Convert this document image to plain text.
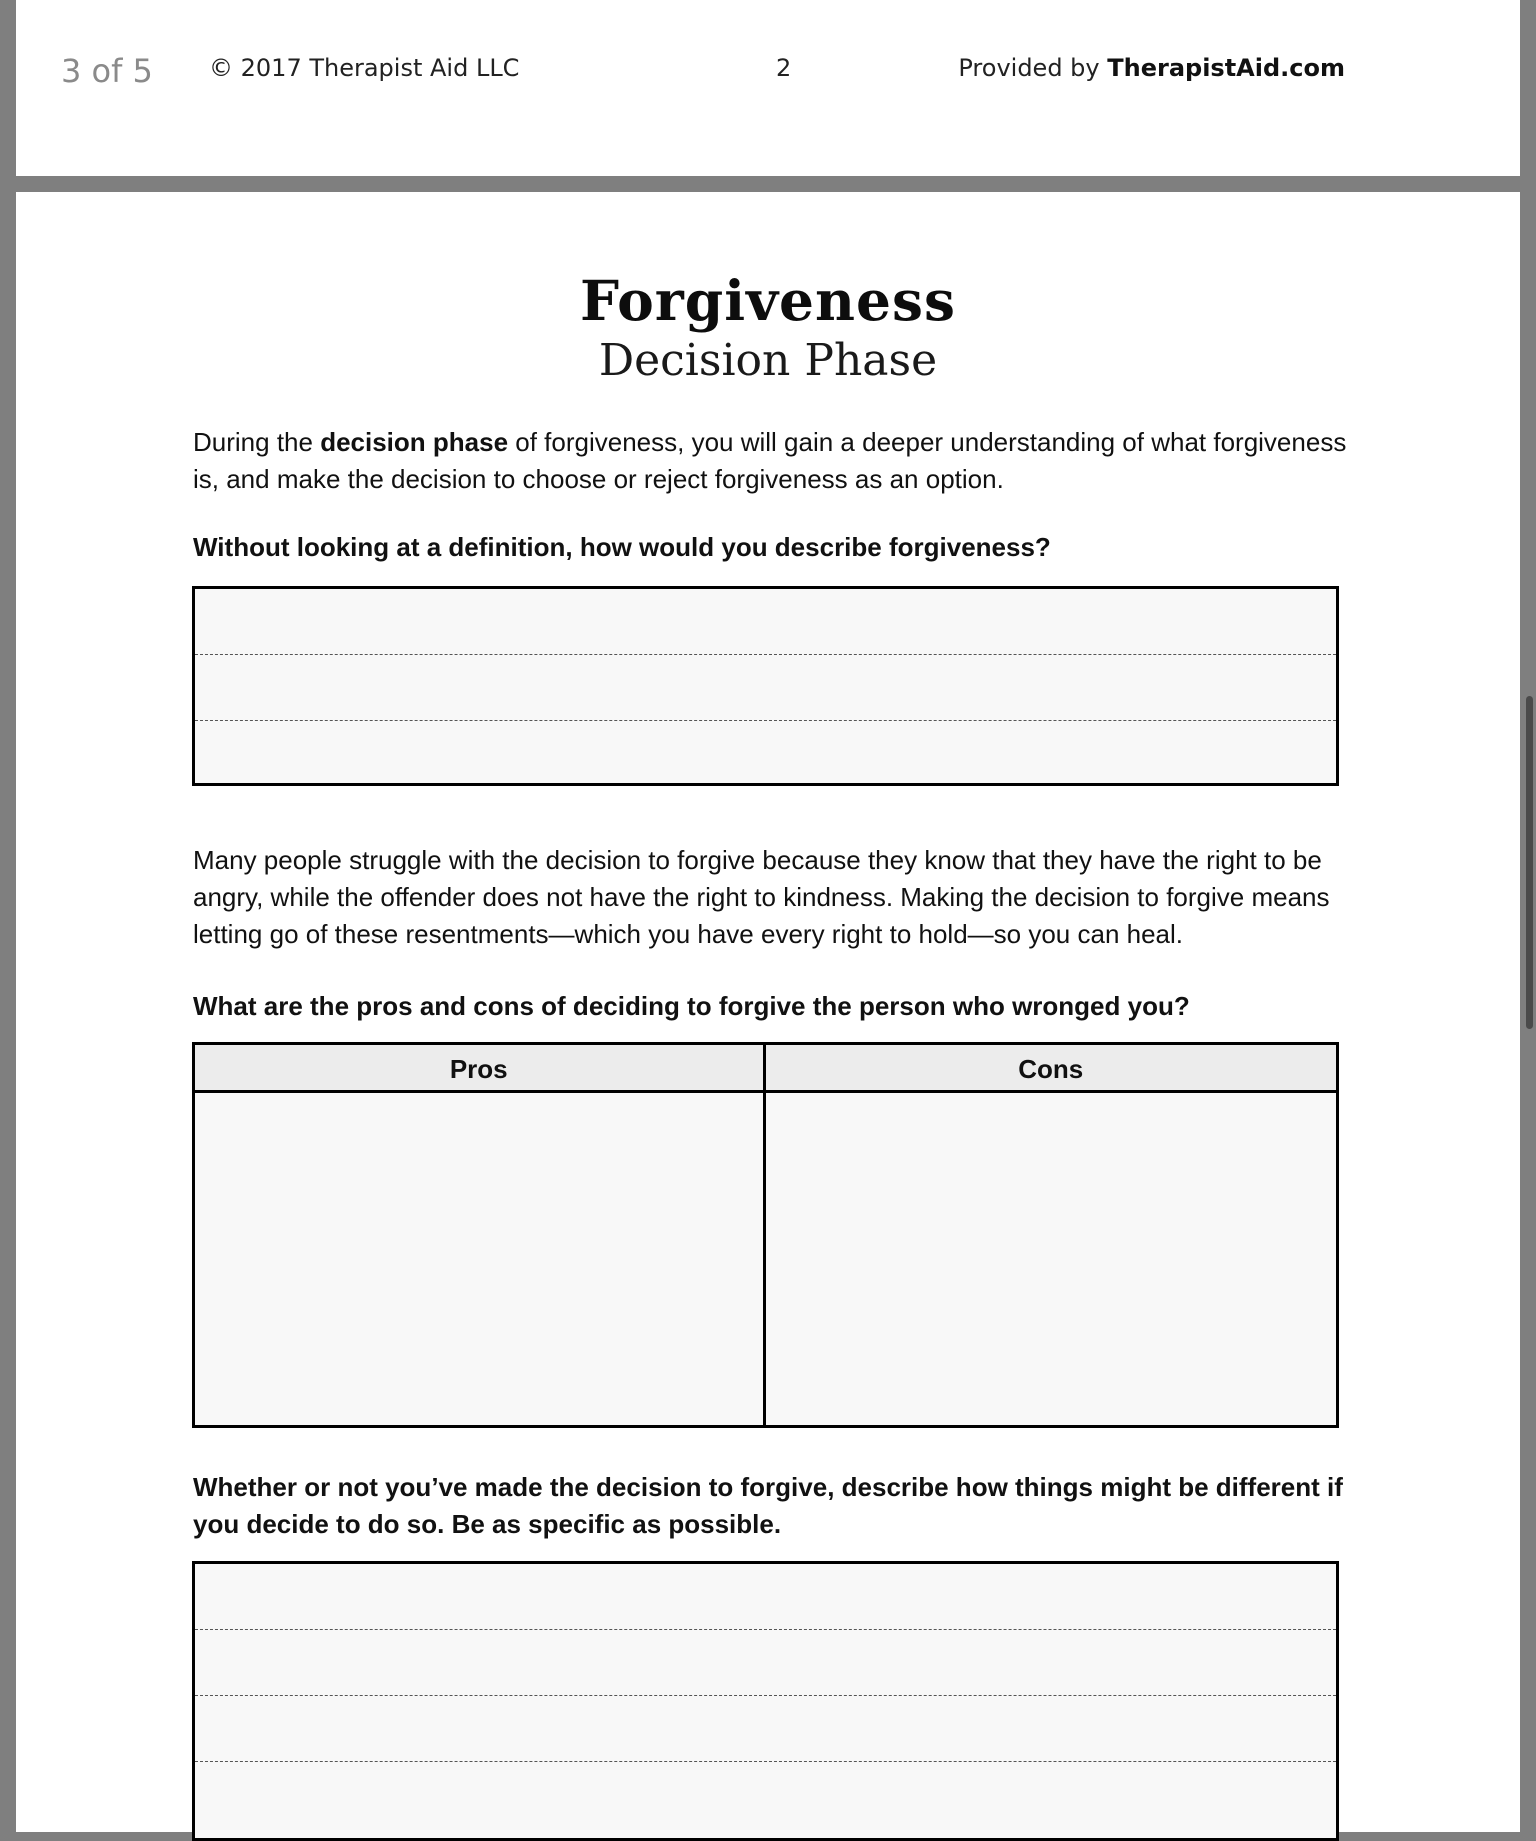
© 2017 Therapist Aid LLC	2	Provided by TherapistAid.com
3 of 5
Forgiveness
Decision Phase
During the decision phase of forgiveness, you will gain a deeper understanding of what forgiveness is, and make the decision to choose or reject forgiveness as an option.
Without looking at a definition, how would you describe forgiveness?
Many people struggle with the decision to forgive because they know that they have the right to be angry, while the offender does not have the right to kindness. Making the decision to forgive means letting go of these resentments—which you have every right to hold—so you can heal.
What are the pros and cons of deciding to forgive the person who wronged you?
Pros	Cons
Whether or not you’ve made the decision to forgive, describe how things might be different if you decide to do so. Be as specific as possible.
